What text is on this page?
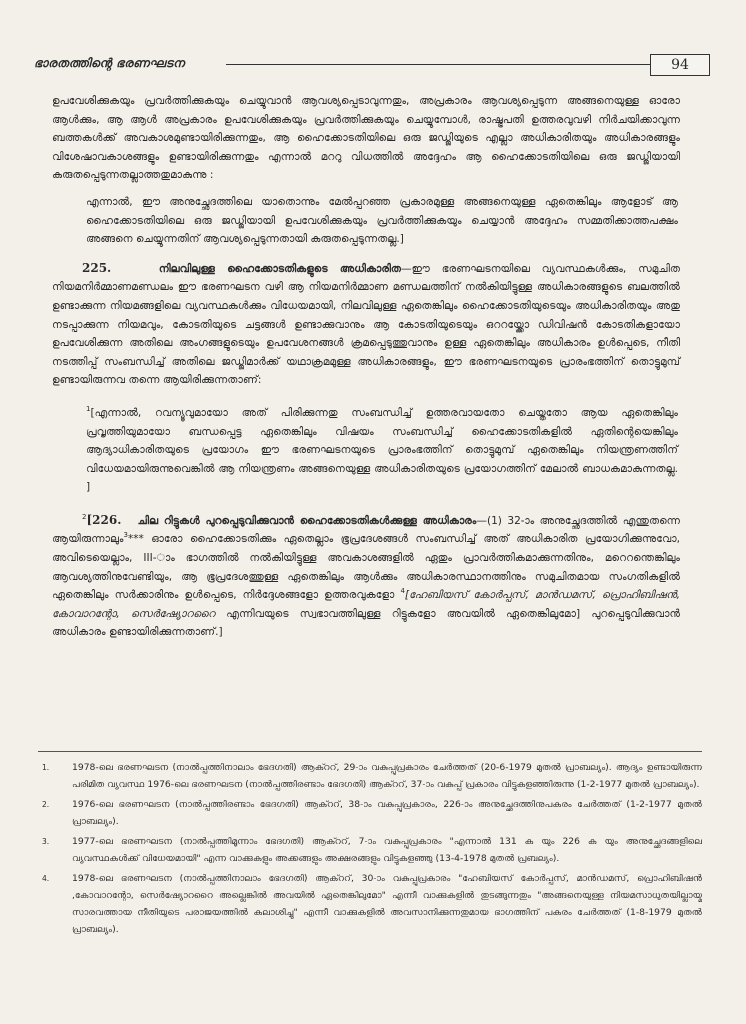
ഭാരതത്തിന്റെ ഭരണഘടന	94

ഉപവേശിക്കുകയും പ്രവർത്തിക്കുകയും ചെയ്യുവാൻ ആവശ്യപ്പെടാവുന്നതും, അപ്രകാരം ആവശ്യപ്പെടുന്ന അങ്ങനെയുള്ള ഓരോ ആൾക്കും, ആ ആൾ അപ്രകാരം ഉപവേശിക്കുകയും പ്രവർത്തിക്കുകയും ചെയ്യുമ്പോൾ, രാഷ്ട്രപതി ഉത്തരവുവഴി നിർചയിക്കാവുന്ന ബത്തകൾക്ക് അവകാശമുണ്ടായിരിക്കുന്നതും, ആ ഹൈക്കോടതിയിലെ ഒരു ജഡ്ജിയുടെ എല്ലാ അധികാരിതയും അധികാരങ്ങളും വിശേഷാവകാശങ്ങളും ഉണ്ടായിരിക്കുന്നതും എന്നാൽ മററു വിധത്തിൽ അദ്ദേഹം ആ ഹൈക്കോടതിയിലെ ഒരു ജഡ്ജിയായി കരുതപ്പെടുന്നതല്ലാത്തതുമാകുന്നു :

എന്നാൽ, ഈ അനുച്ഛേദത്തിലെ യാതൊന്നും മേൽപ്പറഞ്ഞ പ്രകാരമുള്ള അങ്ങനെയുള്ള ഏതെങ്കിലും ആളോട് ആ ഹൈക്കോടതിയിലെ ഒരു ജഡ്ജിയായി ഉപവേശിക്കുകയും പ്രവർത്തിക്കുകയും ചെയ്യാൻ അദ്ദേഹം സമ്മതിക്കാത്തപക്ഷം അങ്ങനെ ചെയ്യുന്നതിന് ആവശ്യപ്പെടുന്നതായി കരുതപ്പെടുന്നതല്ല.]

225.	നിലവിലുള്ള ഹൈക്കോടതികളുടെ അധികാരിത—ഈ ഭരണഘടനയിലെ വ്യവസ്ഥകൾക്കും, സമുചിത നിയമനിർമ്മാണമണ്ഡലം ഈ ഭരണഘടന വഴി ആ നിയമനിർമ്മാണ മണ്ഡലത്തിന് നൽകിയിട്ടുള്ള അധികാരങ്ങളുടെ ബലത്തിൽ ഉണ്ടാക്കുന്ന നിയമങ്ങളിലെ വ്യവസ്ഥകൾക്കും വിധേയമായി, നിലവിലുള്ള ഏതെങ്കിലും ഹൈക്കോടതിയുടെയും അധികാരിതയും അതു നടപ്പാക്കുന്ന നിയമവും, കോടതിയുടെ ചട്ടങ്ങൾ ഉണ്ടാക്കുവാനും ആ കോടതിയുടെയും ഒററയ്ക്കോ ഡിവിഷൻ കോടതികളായോ ഉപവേശിക്കുന്ന അതിലെ അംഗങ്ങളുടെയും ഉപവേശനങ്ങൾ ക്രമപ്പെടുത്തുവാനും ഉള്ള ഏതെങ്കിലും അധികാരം ഉൾപ്പെടെ, നീതി നടത്തിപ്പ് സംബന്ധിച്ച് അതിലെ ജഡ്ജിമാർക്ക് യഥാക്രമമുള്ള അധികാരങ്ങളും, ഈ ഭരണഘടനയുടെ പ്രാരംഭത്തിന് തൊട്ടുമുമ്പ് ഉണ്ടായിരുന്നവ തന്നെ ആയിരിക്കുന്നതാണ്:

$^1$[എന്നാൽ, റവന്യൂവുമായോ അത് പിരിക്കുന്നതു സംബന്ധിച്ച് ഉത്തരവായതോ ചെയ്തതോ ആയ ഏതെങ്കിലും പ്രവൃത്തിയുമായോ ബന്ധപ്പെട്ട ഏതെങ്കിലും വിഷയം സംബന്ധിച്ച് ഹൈക്കോടതികളിൽ ഏതിന്റെയെങ്കിലും ആദ്യാധികാരിതയുടെ പ്രയോഗം ഈ ഭരണഘടനയുടെ പ്രാരംഭത്തിന് തൊട്ടുമുമ്പ് ഏതെങ്കിലും നിയന്ത്രണത്തിന് വിധേയമായിരുന്നുവെങ്കിൽ ആ നിയന്ത്രണം അങ്ങനെയുള്ള അധികാരിതയുടെ പ്രയോഗത്തിന് മേലാൽ ബാധകമാകുന്നതല്ല. ]

$^2$[226. ചില റിട്ടുകൾ പുറപ്പെടുവിക്കുവാൻ ഹൈക്കോടതികൾക്കുള്ള അധികാരം—(1) 32-ാം അനുച്ഛേദത്തിൽ എന്തുതന്നെ ആയിരുന്നാലും$^3$*** ഓരോ ഹൈക്കോടതിക്കും ഏതെല്ലാം ഭൂപ്രദേശങ്ങൾ സംബന്ധിച്ച് അത് അധികാരിത പ്രയോഗിക്കുന്നുവോ, അവിടെയെല്ലാം, III-ാം ഭാഗത്തിൽ നൽകിയിട്ടുള്ള അവകാശങ്ങളിൽ ഏതും പ്രാവർത്തികമാക്കുന്നതിനും, മറെറന്തെങ്കിലും ആവശ്യത്തിനുവേണ്ടിയും, ആ ഭൂപ്രദേശത്തുള്ള ഏതെങ്കിലും ആൾക്കും അധികാരസ്ഥാനത്തിനും സമുചിതമായ സംഗതികളിൽ ഏതെങ്കിലും സർക്കാരിനും ഉൾപ്പെടെ, നിർദ്ദേശങ്ങളോ ഉത്തരവുകളോ $^4$[ഹേബിയസ് കോർപ്പസ്, മാൻഡമസ്, പ്രൊഹിബിഷൻ, കോവാറന്റോ, സെർഷ്യോററൈ എന്നിവയുടെ സ്വഭാവത്തിലുള്ള റിട്ടുകളോ അവയിൽ ഏതെങ്കിലുമോ] പുറപ്പെടുവിക്കുവാൻ അധികാരം ഉണ്ടായിരിക്കുന്നതാണ്.]

1. 1978-ലെ ഭരണഘടന (നാൽപ്പത്തിനാലാം ഭേദഗതി) ആക്ററ്, 29-ാം വകുപ്പുപ്രകാരം ചേർത്തത് (20-6-1979 മുതൽ പ്രാബല്യം). ആദ്യം ഉണ്ടായിരുന്ന പരിമിത വ്യവസ്ഥ 1976-ലെ ഭരണഘടന (നാൽപ്പത്തിരണ്ടാം ഭേദഗതി) ആക്ററ്, 37-ാം വകുപ്പ് പ്രകാരം വിട്ടുകളഞ്ഞിരുന്നു (1-2-1977 മുതൽ പ്രാബല്യം).
2. 1976-ലെ ഭരണഘടന (നാൽപ്പത്തിരണ്ടാം ഭേദഗതി) ആക്ററ്, 38-ാം വകുപ്പുപ്രകാരം, 226-ാം അനുച്ഛേദത്തിനുപകരം ചേർത്തത് (1-2-1977 മുതൽ പ്രാബല്യം).
3. 1977-ലെ ഭരണഘടന (നാൽപ്പത്തിമൂന്നാം ഭേദഗതി) ആക്ററ്, 7-ാം വകുപ്പുപ്രകാരം "എന്നാൽ 131 ക യും 226 ക യും അനുച്ഛേദങ്ങളിലെ വ്യവസ്ഥകൾക്ക് വിധേയമായി" എന്ന വാക്കുകളും അക്കങ്ങളും അക്ഷരങ്ങളും വിട്ടുകളഞ്ഞു (13-4-1978 മുതൽ പ്രബല്യം).
4. 1978-ലെ ഭരണഘടന (നാൽപ്പത്തിനാലാം ഭേദഗതി) ആക്ററ്, 30-ാം വകുപ്പുപ്രകാരം "ഹേബിയസ് കോർപ്പസ്, മാൻഡമസ്, പ്രൊഹിബിഷൻ ,കോവാറന്റോ, സെർഷ്യോററൈ അല്ലെങ്കിൽ അവയിൽ ഏതെങ്കിലുമോ" എന്നീ വാക്കുകളിൽ തുടങ്ങുന്നതും "അങ്ങനെയുള്ള നിയമസാധുതയില്ലായ്മ സാരവത്തായ നീതിയുടെ പരാജയത്തിൽ കലാശിച്ചു" എന്നീ വാക്കുകളിൽ അവസാനിക്കുന്നതുമായ ഭാഗത്തിന് പകരം ചേർത്തത് (1-8-1979 മുതൽ പ്രാബല്യം).
